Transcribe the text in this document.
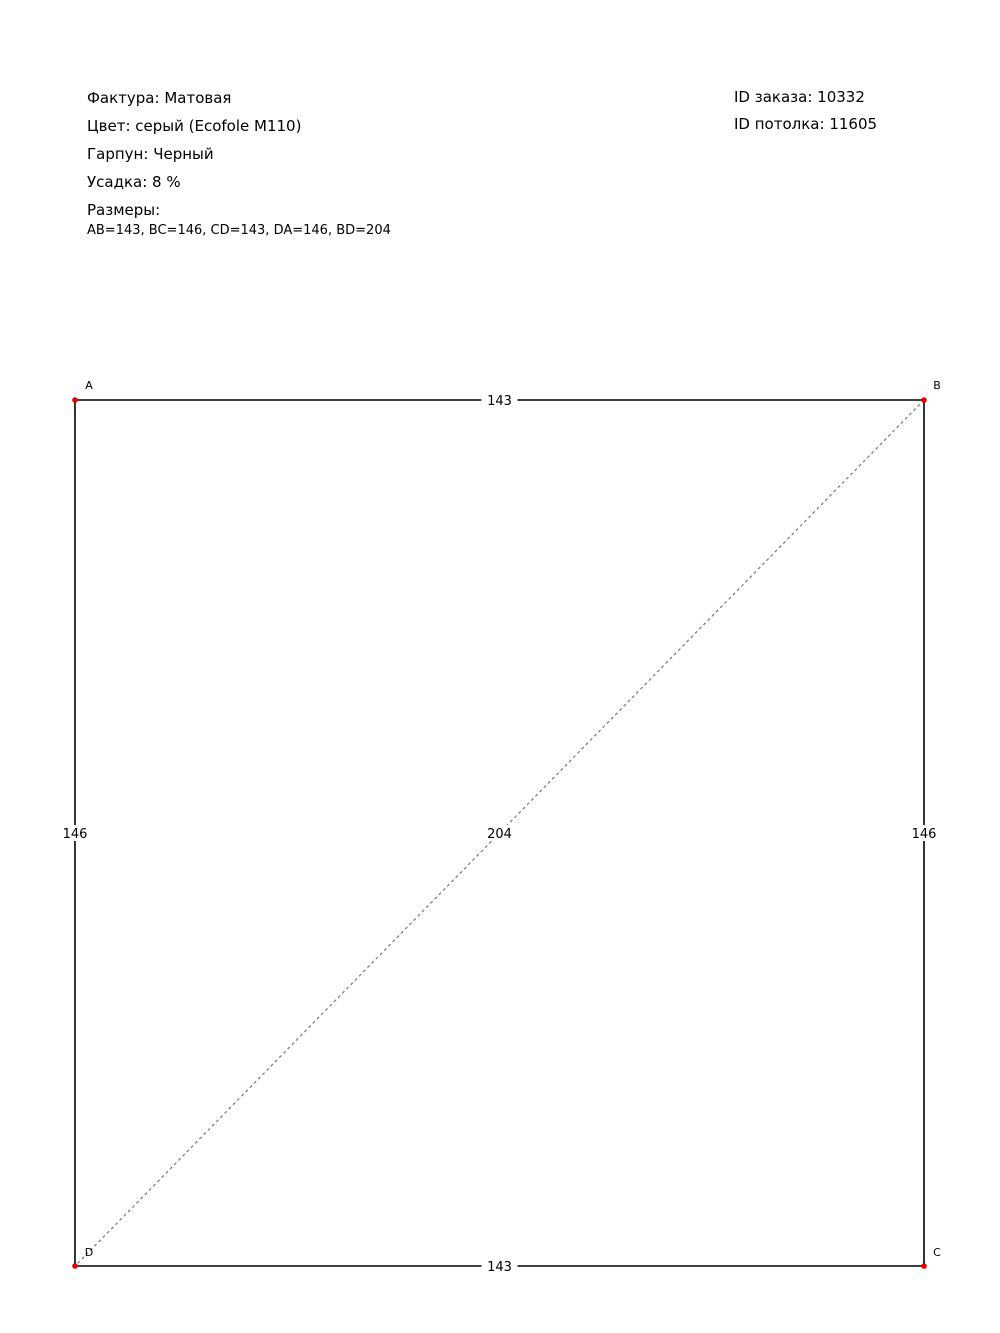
Фактура : Матовая
Цвет : серый (Ecofole M110)
Гарпун : Черный
Усадка : 8 %
Размеры:
AB=143, BC=146, CD=143, DA=146, BD=204
ID заказа : 10332
ID потолка : 11605
143
146
143
146	204
A	B
C
D
